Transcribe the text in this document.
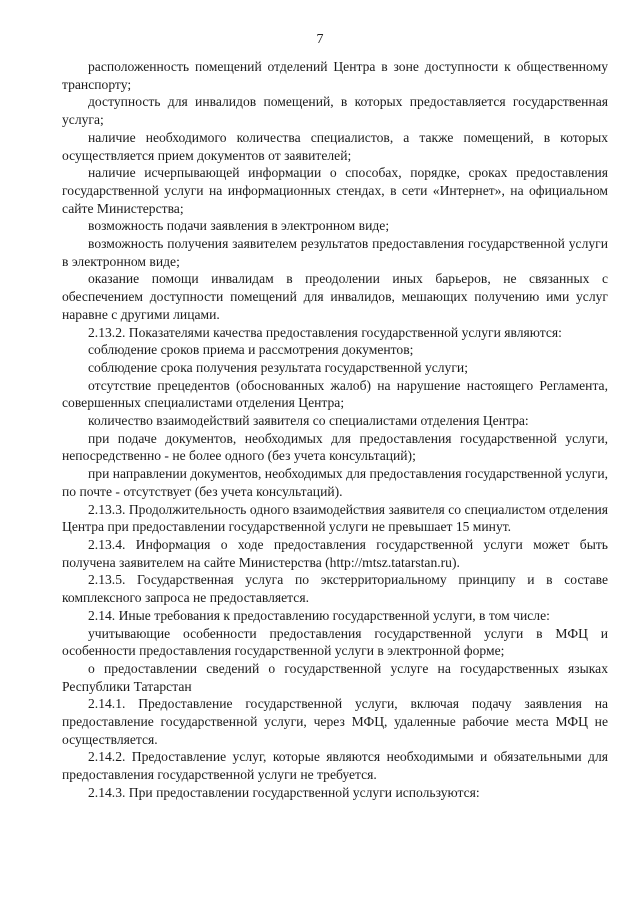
7

расположенность помещений отделений Центра в зоне доступности к общественному транспорту;

доступность для инвалидов помещений, в которых предоставляется государственная услуга;

наличие необходимого количества специалистов, а также помещений, в которых осуществляется прием документов от заявителей;

наличие исчерпывающей информации о способах, порядке, сроках предоставления государственной услуги на информационных стендах, в сети «Интернет», на официальном сайте Министерства;

возможность подачи заявления в электронном виде;

возможность получения заявителем результатов предоставления государственной услуги в электронном виде;

оказание помощи инвалидам в преодолении иных барьеров, не связанных с обеспечением доступности помещений для инвалидов, мешающих получению ими услуг наравне с другими лицами.

2.13.2. Показателями качества предоставления государственной услуги являются:

соблюдение сроков приема и рассмотрения документов;

соблюдение срока получения результата государственной услуги;

отсутствие прецедентов (обоснованных жалоб) на нарушение настоящего Регламента, совершенных специалистами отделения Центра;

количество взаимодействий заявителя со специалистами отделения Центра:

при подаче документов, необходимых для предоставления государственной услуги, непосредственно - не более одного (без учета консультаций);

при направлении документов, необходимых для предоставления государственной услуги, по почте - отсутствует (без учета консультаций).

2.13.3. Продолжительность одного взаимодействия заявителя со специалистом отделения Центра при предоставлении государственной услуги не превышает 15 минут.

2.13.4. Информация о ходе предоставления государственной услуги может быть получена заявителем на сайте Министерства (http://mtsz.tatarstan.ru).

2.13.5. Государственная услуга по экстерриториальному принципу и в составе комплексного запроса не предоставляется.

2.14. Иные требования к предоставлению государственной услуги, в том числе:

учитывающие особенности предоставления государственной услуги в МФЦ и особенности предоставления государственной услуги в электронной форме;

о предоставлении сведений о государственной услуге на государственных языках Республики Татарстан

2.14.1. Предоставление государственной услуги, включая подачу заявления на предоставление государственной услуги, через МФЦ, удаленные рабочие места МФЦ не осуществляется.

2.14.2. Предоставление услуг, которые являются необходимыми и обязательными для предоставления государственной услуги не требуется.

2.14.3. При предоставлении государственной услуги используются:
